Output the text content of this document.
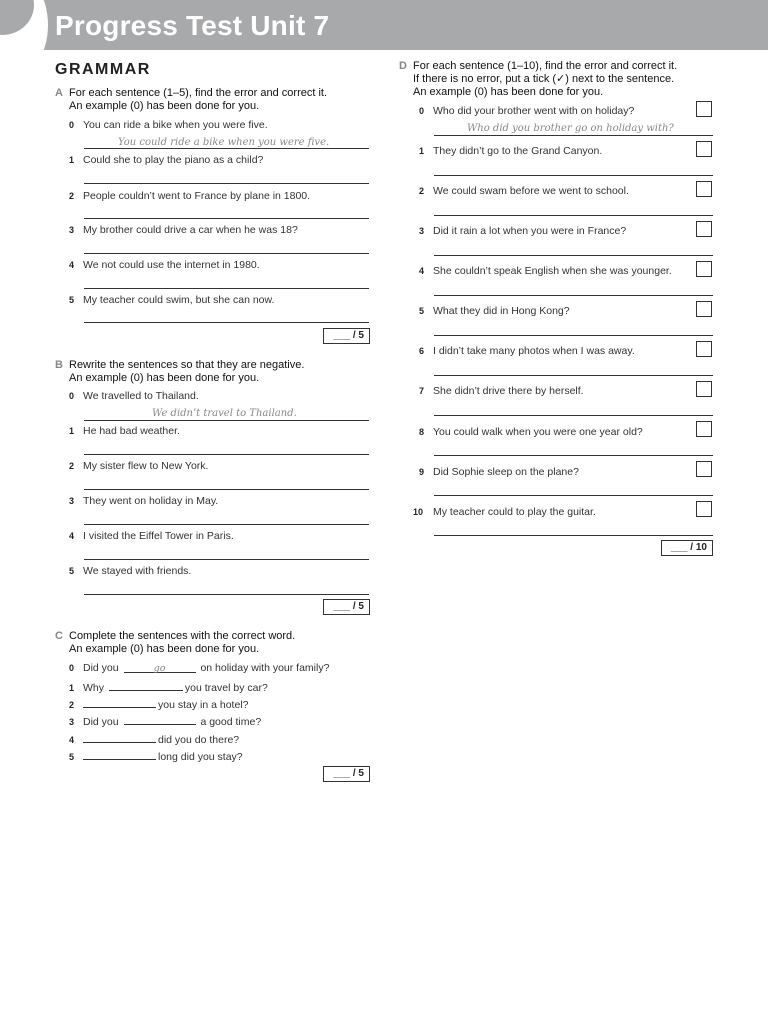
Progress Test Unit 7
GRAMMAR
A For each sentence (1–5), find the error and correct it.
An example (0) has been done for you.
0 You can ride a bike when you were five.
You could ride a bike when you were five.
1 Could she to play the piano as a child?
2 People couldn’t went to France by plane in 1800.
3 My brother could drive a car when he was 18?
4 We not could use the internet in 1980.
5 My teacher could swim, but she can now.
___ / 5
B Rewrite the sentences so that they are negative.
An example (0) has been done for you.
0 We travelled to Thailand.
We didn’t travel to Thailand.
1 He had bad weather.
2 My sister flew to New York.
3 They went on holiday in May.
4 I visited the Eiffel Tower in Paris.
5 We stayed with friends.
___ / 5
C Complete the sentences with the correct word.
An example (0) has been done for you.
0 Did you	go	on holiday with your family?
1 Why	you travel by car?
2	you stay in a hotel?
3 Did you	a good time?
4	did you do there?
5	long did you stay?
___ / 5
D For each sentence (1–10), find the error and correct it.
If there is no error, put a tick (✓) next to the sentence.
An example (0) has been done for you.
0 Who did your brother went with on holiday?
Who did you brother go on holiday with?
1 They didn’t go to the Grand Canyon.
2 We could swam before we went to school.
3 Did it rain a lot when you were in France?
4 She couldn’t speak English when she was younger.
5 What they did in Hong Kong?
6 I didn’t take many photos when I was away.
7 She didn’t drive there by herself.
8 You could walk when you were one year old?
9 Did Sophie sleep on the plane?
10 My teacher could to play the guitar.
___ / 10
